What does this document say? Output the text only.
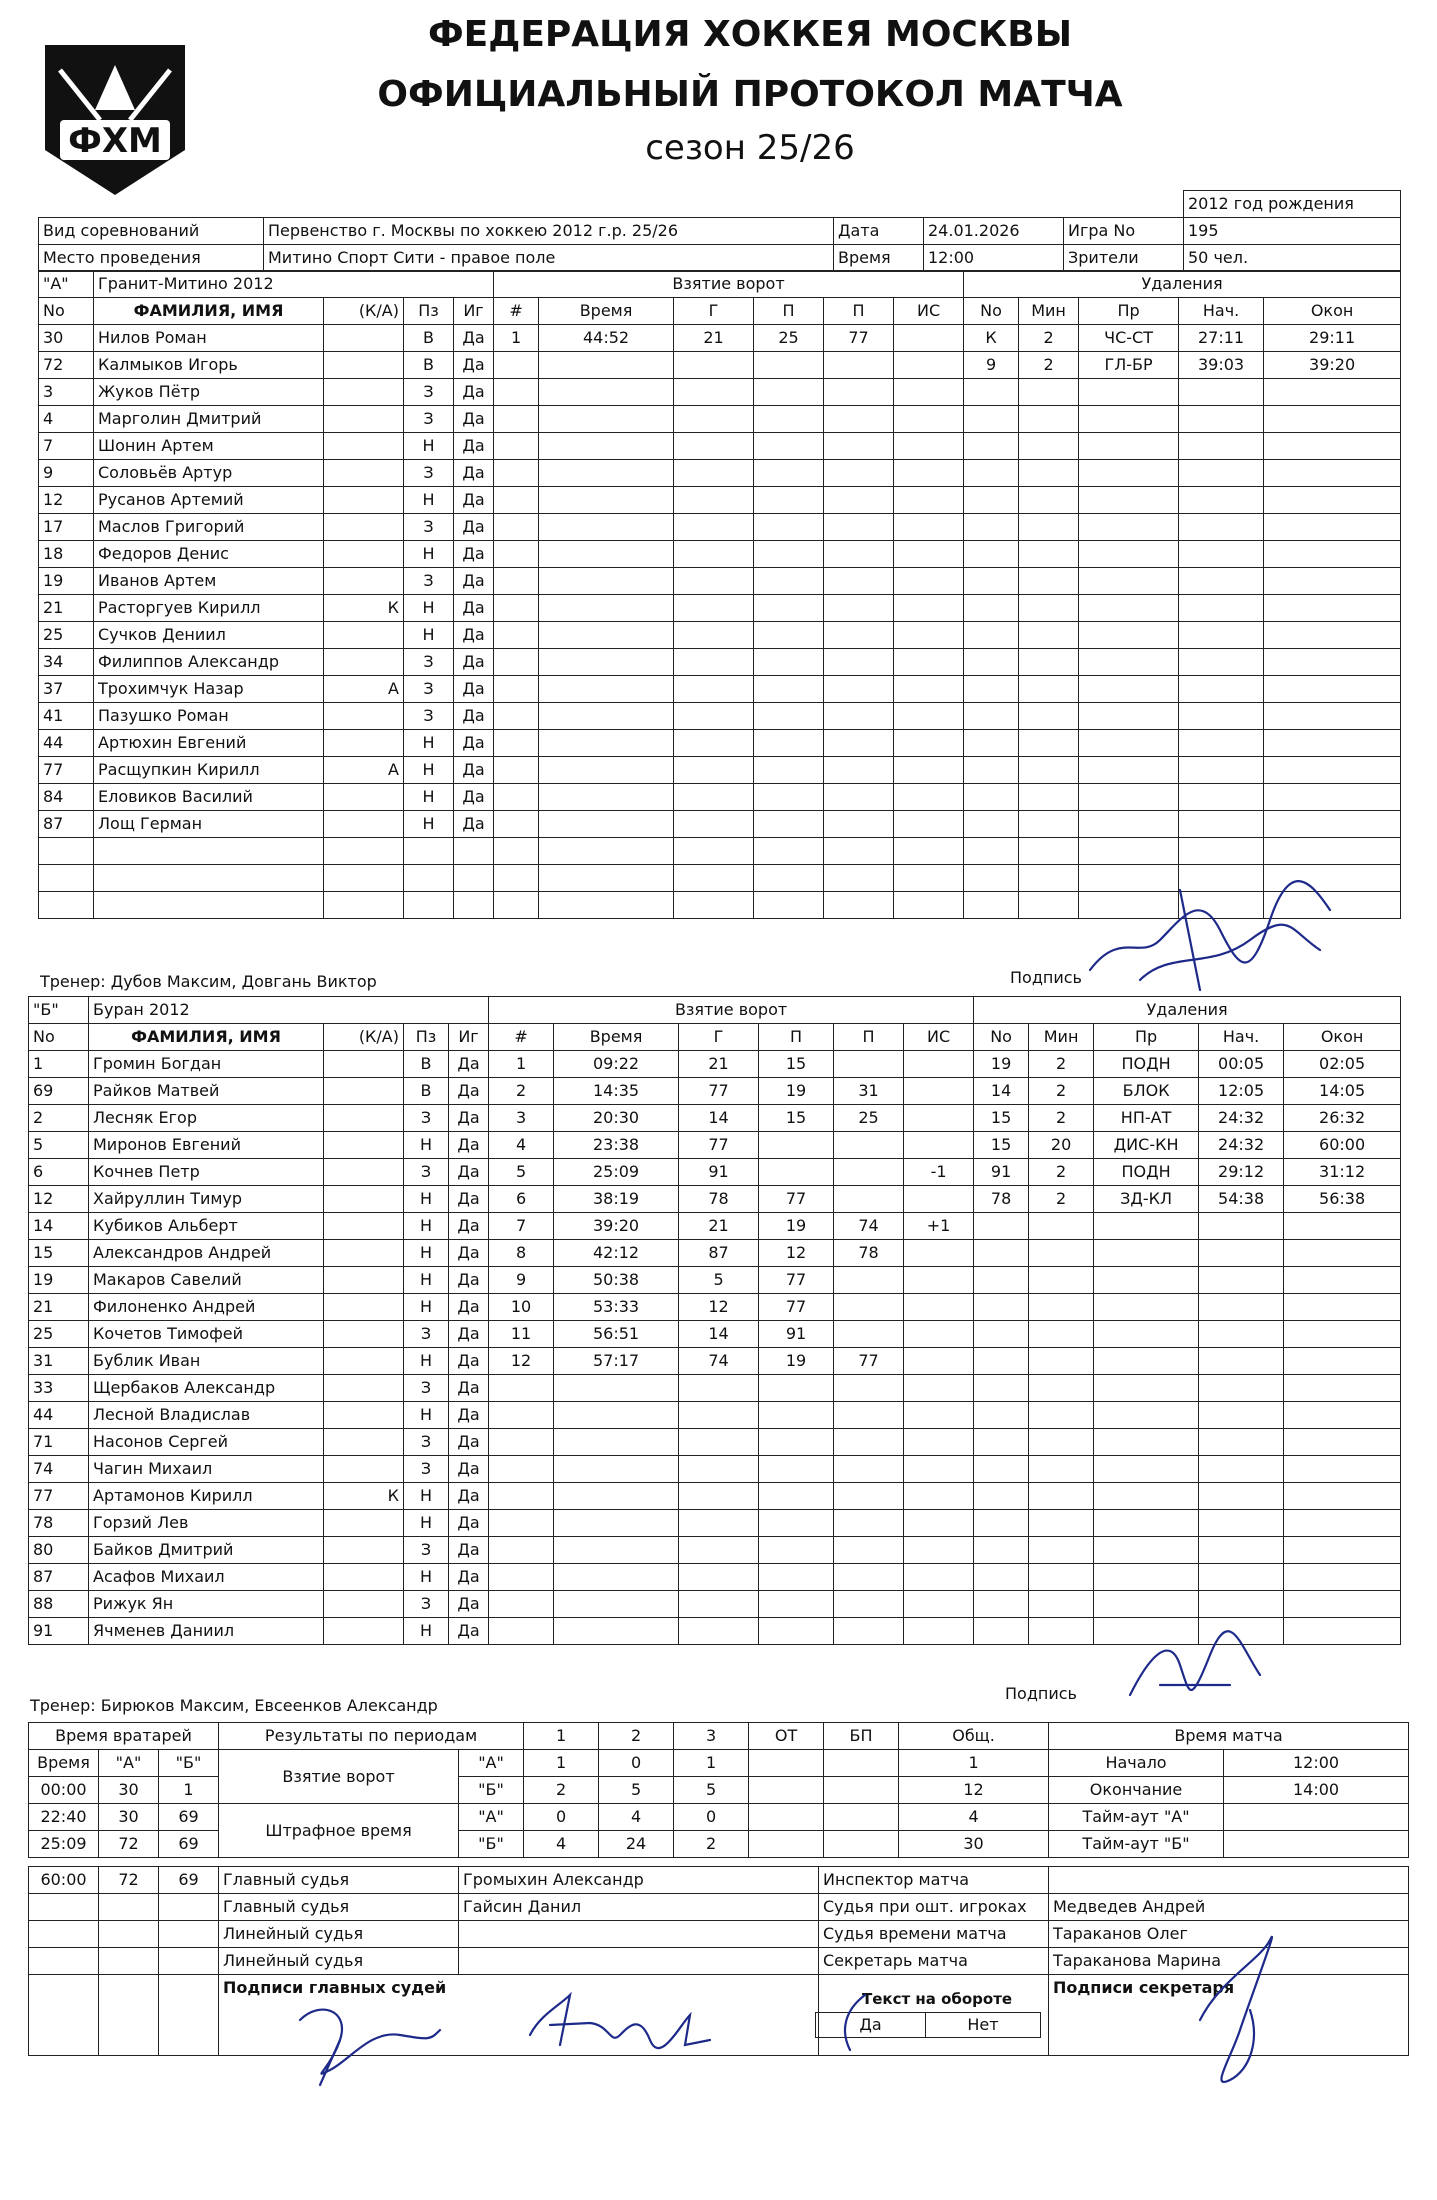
ФХМ
ФЕДЕРАЦИЯ ХОККЕЯ МОСКВЫ
ОФИЦИАЛЬНЫЙ ПРОТОКОЛ МАТЧА
сезон 25/26
					2012 год рождения
Вид соревнований	Первенство г. Москвы по хоккею 2012 г.р. 25/26	Дата	24.01.2026	Игра No	195
Место проведения	Митино Спорт Сити - правое поле	Время	12:00	Зрители	50 чел.
"А"	Гранит-Митино 2012				Взятие ворот						Удаления				
No	ФАМИЛИЯ, ИМЯ	(К/А)	Пз	Иг	#	Время	Г	П	П	ИС	No	Мин	Пр	Нач.	Окон
30	Нилов Роман		В	Да	1	44:52	21	25	77		К	2	ЧС-СТ	27:11	29:11
72	Калмыков Игорь		В	Да							9	2	ГЛ-БР	39:03	39:20
3	Жуков Пётр		З	Да											
4	Марголин Дмитрий		З	Да											
7	Шонин Артем		Н	Да											
9	Соловьёв Артур		З	Да											
12	Русанов Артемий		Н	Да											
17	Маслов Григорий		З	Да											
18	Федоров Денис		Н	Да											
19	Иванов Артем		З	Да											
21	Расторгуев Кирилл	К	Н	Да											
25	Сучков Дениил		Н	Да											
34	Филиппов Александр		З	Да											
37	Трохимчук Назар	А	З	Да											
41	Пазушко Роман		З	Да											
44	Артюхин Евгений		Н	Да											
77	Расщупкин Кирилл	А	Н	Да											
84	Еловиков Василий		Н	Да											
87	Лощ Герман		Н	Да											

Тренер: Дубов Максим, Довгань Виктор	Подпись
"Б"	Буран 2012				Взятие ворот						Удаления				
No	ФАМИЛИЯ, ИМЯ	(К/А)	Пз	Иг	#	Время	Г	П	П	ИС	No	Мин	Пр	Нач.	Окон
1	Громин Богдан		В	Да	1	09:22	21	15			19	2	ПОДН	00:05	02:05
69	Райков Матвей		В	Да	2	14:35	77	19	31		14	2	БЛОК	12:05	14:05
2	Лесняк Егор		З	Да	3	20:30	14	15	25		15	2	НП-АТ	24:32	26:32
5	Миронов Евгений		Н	Да	4	23:38	77				15	20	ДИС-КН	24:32	60:00
6	Кочнев Петр		З	Да	5	25:09	91			-1	91	2	ПОДН	29:12	31:12
12	Хайруллин Тимур		Н	Да	6	38:19	78	77			78	2	ЗД-КЛ	54:38	56:38
14	Кубиков Альберт		Н	Да	7	39:20	21	19	74	+1					
15	Александров Андрей		Н	Да	8	42:12	87	12	78						
19	Макаров Савелий		Н	Да	9	50:38	5	77							
21	Филоненко Андрей		Н	Да	10	53:33	12	77							
25	Кочетов Тимофей		З	Да	11	56:51	14	91							
31	Бублик Иван		Н	Да	12	57:17	74	19	77						
33	Щербаков Александр		З	Да											
44	Лесной Владислав		Н	Да											
71	Насонов Сергей		З	Да											
74	Чагин Михаил		З	Да											
77	Артамонов Кирилл	К	Н	Да											
78	Горзий Лев		Н	Да											
80	Байков Дмитрий		З	Да											
87	Асафов Михаил		Н	Да											
88	Рижук Ян		З	Да											
91	Ячменев Даниил		Н	Да											
Тренер: Бирюков Максим, Евсеенков Александр
Подпись
Время вратарей			Результаты по периодам		1	2	3	ОТ	БП	Общ.	Время матча	
Время	"А"	"Б"	Взятие ворот	"А"	1	0	1			1	Начало	12:00
00:00	30	1		"Б"	2	5	5			12	Окончание	14:00
22:40	30	69	Штрафное время	"А"	0	4	0			4	Тайм-аут "А"	
25:09	72	69		"Б"	4	24	2			30	Тайм-аут "Б"	
60:00	72	69	Главный судья	Громыхин Александр	Инспектор матча	
			Главный судья	Гайсин Данил	Судья при ошт. игроках	Медведев Андрей
			Линейный судья		Судья времени матча	Тараканов Олег
			Линейный судья		Секретарь матча	Тараканова Марина
			Подписи главных судей			Подписи секретаря
Текст на обороте
Да	Нет
